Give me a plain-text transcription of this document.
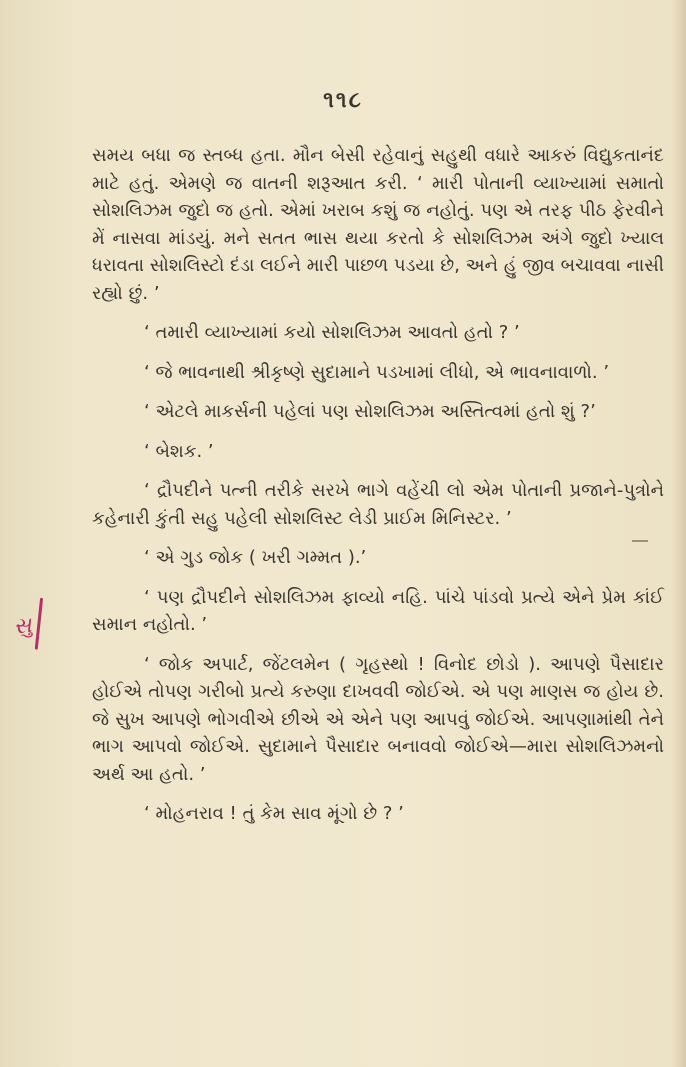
૧૧૮
સુ

સમય બધા જ સ્તબ્ધ હતા. મૌન બેસી રહેવાનું સહુથી વધારે આકરું વિદ્યુકતાનંદ માટે હતું. એમણે જ વાતની શરૂઆત કરી. ‘ મારી પોતાની વ્યાખ્યામાં સમાતો સોશલિઝમ જુદો જ હતો. એમાં ખરાબ કશું જ નહોતું. પણ એ તરફ પીઠ ફેરવીને મેં નાસવા માંડયું. મને સતત ભાસ થયા કરતો કે સોશલિઝમ અંગે જુદો ખ્યાલ ધરાવતા સોશલિસ્ટો દંડા લઈને મારી પાછળ પડયા છે, અને હું જીવ બચાવવા નાસી રહ્યો છું. ’

‘ તમારી વ્યાખ્યામાં કયો સોશલિઝમ આવતો હતો ? ’

‘ જે ભાવનાથી શ્રીકૃષ્ણે સુદામાને પડખામાં લીધો, એ ભાવનાવાળો. ’

‘ એટલે માકર્સની પહેલાં પણ સોશલિઝમ અસ્તિત્વમાં હતો શું ?’

‘ બેશક. ’

‘ દ્રૌપદીને પત્ની તરીકે સરખે ભાગે વહેંચી લો એમ પોતાની પ્રજાને-પુત્રોને કહેનારી કુંતી સહુ પહેલી સોશલિસ્ટ લેડી પ્રાઈમ મિનિસ્ટર. ’

‘ એ ગુડ જોક ( ખરી ગમ્મત ).’

‘ પણ દ્રૌપદીને સોશલિઝમ ફાવ્યો નહિ. પાંચે પાંડવો પ્રત્યે એને પ્રેમ કાંઈ સમાન નહોતો. ’

‘ જોક અપાર્ટ, જેંટલમેન ( ગૃહસ્થો ! વિનોદ છોડો ). આપણે પૈસાદાર હોઈએ તોપણ ગરીબો પ્રત્યે કરુણા દાખવવી જોઈએ. એ પણ માણસ જ હોય છે. જે સુખ આપણે ભોગવીએ છીએ એ એને પણ આપવું જોઈએ. આપણામાંથી તેને ભાગ આપવો જોઈએ. સુદામાને પૈસાદાર બનાવવો જોઈએ—મારા સોશલિઝમનો અર્થ આ હતો. ’

‘ મોહનરાવ ! તું કેમ સાવ મૂંગો છે ? ’
